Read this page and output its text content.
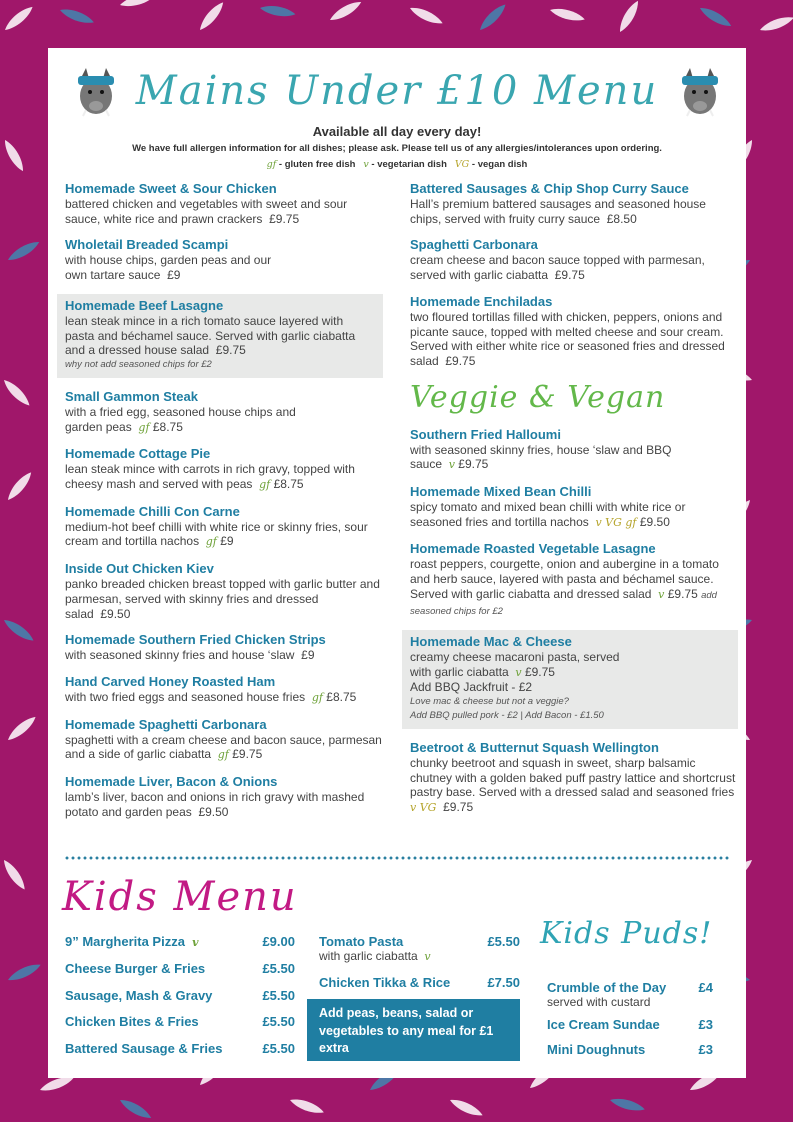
Mains Under £10 Menu
Available all day every day!
We have full allergen information for all dishes; please ask. Please tell us of any allergies/intolerances upon ordering.
gf - gluten free dish v - vegetarian dish VG - vegan dish
Homemade Sweet & Sour Chicken
battered chicken and vegetables with sweet and sour sauce, white rice and prawn crackers £9.75
Wholetail Breaded Scampi
with house chips, garden peas and our own tartare sauce £9
Homemade Beef Lasagne
lean steak mince in a rich tomato sauce layered with pasta and béchamel sauce. Served with garlic ciabatta and a dressed house salad £9.75
why not add seasoned chips for £2
Small Gammon Steak
with a fried egg, seasoned house chips and garden peas gf £8.75
Homemade Cottage Pie
lean steak mince with carrots in rich gravy, topped with cheesy mash and served with peas gf £8.75
Homemade Chilli Con Carne
medium-hot beef chilli with white rice or skinny fries, sour cream and tortilla nachos gf £9
Inside Out Chicken Kiev
panko breaded chicken breast topped with garlic butter and parmesan, served with skinny fries and dressed salad £9.50
Homemade Southern Fried Chicken Strips
with seasoned skinny fries and house ‘slaw £9
Hand Carved Honey Roasted Ham
with two fried eggs and seasoned house fries gf £8.75
Homemade Spaghetti Carbonara
spaghetti with a cream cheese and bacon sauce, parmesan and a side of garlic ciabatta gf £9.75
Homemade Liver, Bacon & Onions
lamb’s liver, bacon and onions in rich gravy with mashed potato and garden peas £9.50
Battered Sausages & Chip Shop Curry Sauce
Hall’s premium battered sausages and seasoned house chips, served with fruity curry sauce £8.50
Spaghetti Carbonara
cream cheese and bacon sauce topped with parmesan, served with garlic ciabatta £9.75
Homemade Enchiladas
two floured tortillas filled with chicken, peppers, onions and picante sauce, topped with melted cheese and sour cream. Served with either white rice or seasoned fries and dressed salad £9.75
Veggie & Vegan
Southern Fried Halloumi
with seasoned skinny fries, house ‘slaw and BBQ sauce v £9.75
Homemade Mixed Bean Chilli
spicy tomato and mixed bean chilli with white rice or seasoned fries and tortilla nachos v VG gf £9.50
Homemade Roasted Vegetable Lasagne
roast peppers, courgette, onion and aubergine in a tomato and herb sauce, layered with pasta and béchamel sauce. Served with garlic ciabatta and dressed salad v £9.75 add seasoned chips for £2
Homemade Mac & Cheese
creamy cheese macaroni pasta, served with garlic ciabatta v £9.75
Add BBQ Jackfruit - £2
Love mac & cheese but not a veggie?
Add BBQ pulled pork - £2 | Add Bacon - £1.50
Beetroot & Butternut Squash Wellington
chunky beetroot and squash in sweet, sharp balsamic chutney with a golden baked puff pastry lattice and shortcrust pastry base. Served with a dressed salad and seasoned fries
v VG £9.75
Kids Menu
9” Margherita Pizza v	£9.00
Cheese Burger & Fries	£5.50
Sausage, Mash & Gravy	£5.50
Chicken Bites & Fries	£5.50
Battered Sausage & Fries	£5.50
Tomato Pasta	£5.50
with garlic ciabatta v
Chicken Tikka & Rice	£7.50
Add peas, beans, salad or vegetables to any meal for £1 extra
Kids Puds!
Crumble of the Day £4
served with custard
Ice Cream Sundae	£3
Mini Doughnuts	£3
